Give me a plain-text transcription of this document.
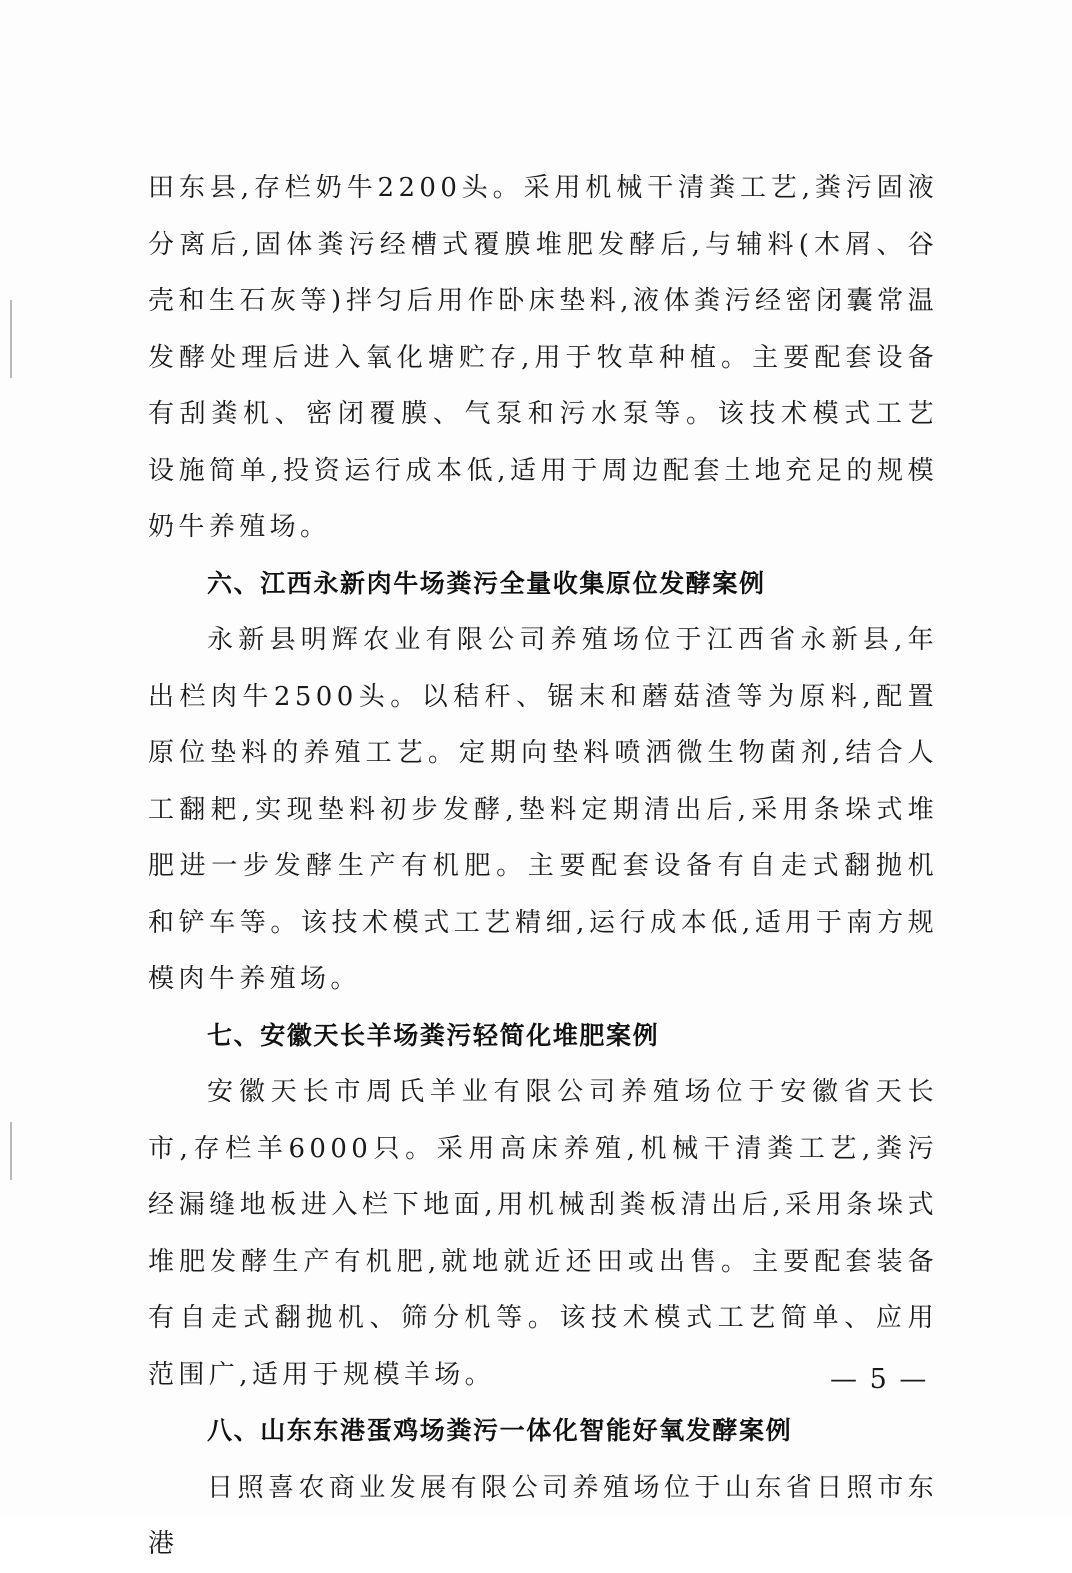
田东县,存栏奶牛2200头。采用机械干清粪工艺,粪污固液分离后,固体粪污经槽式覆膜堆肥发酵后,与辅料(木屑、谷壳和生石灰等)拌匀后用作卧床垫料,液体粪污经密闭囊常温发酵处理后进入氧化塘贮存,用于牧草种植。主要配套设备有刮粪机、密闭覆膜、气泵和污水泵等。该技术模式工艺设施简单,投资运行成本低,适用于周边配套土地充足的规模奶牛养殖场。

六、江西永新肉牛场粪污全量收集原位发酵案例

永新县明辉农业有限公司养殖场位于江西省永新县,年出栏肉牛2500头。以秸秆、锯末和蘑菇渣等为原料,配置原位垫料的养殖工艺。定期向垫料喷洒微生物菌剂,结合人工翻耙,实现垫料初步发酵,垫料定期清出后,采用条垛式堆肥进一步发酵生产有机肥。主要配套设备有自走式翻抛机和铲车等。该技术模式工艺精细,运行成本低,适用于南方规模肉牛养殖场。

七、安徽天长羊场粪污轻简化堆肥案例

安徽天长市周氏羊业有限公司养殖场位于安徽省天长市,存栏羊6000只。采用高床养殖,机械干清粪工艺,粪污经漏缝地板进入栏下地面,用机械刮粪板清出后,采用条垛式堆肥发酵生产有机肥,就地就近还田或出售。主要配套装备有自走式翻抛机、筛分机等。该技术模式工艺简单、应用范围广,适用于规模羊场。

八、山东东港蛋鸡场粪污一体化智能好氧发酵案例

日照喜农商业发展有限公司养殖场位于山东省日照市东港

— 5 —
